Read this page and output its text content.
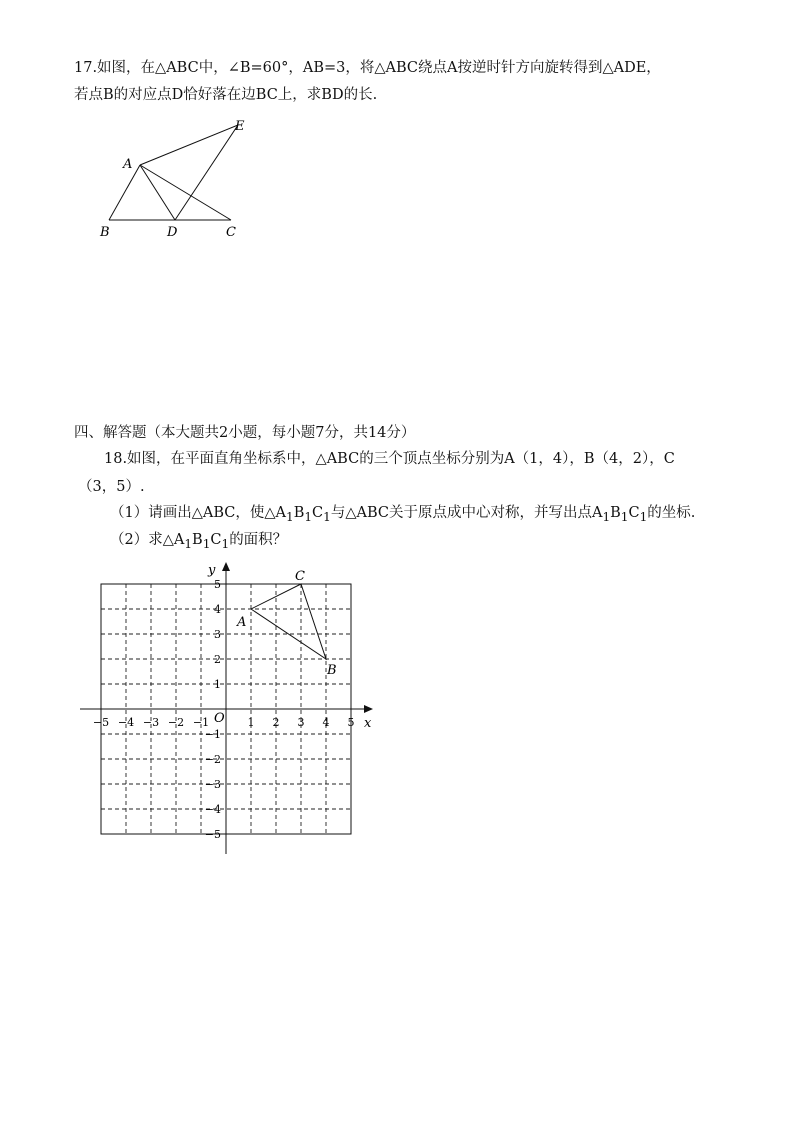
17.如图，在△ABC中，∠B=60°，AB=3，将△ABC绕点A按逆时针方向旋转得到△ADE，
若点B的对应点D恰好落在边BC上，求BD的长.
A
B	D	C
E
四、解答题（本大题共2小题，每小题7分，共14分）
18.如图，在平面直角坐标系中，△ABC的三个顶点坐标分别为A（1，4），B（4，2），C
（3，5）.
（1）请画出△ABC，使$\triangle A_1B_1C_1$与△ABC关于原点成中心对称，并写出点$A_1B_1C_1$的坐标.
（2）求$\triangle A_1B_1C_1$的面积？
x
y
O
−5 −4 −3 −2 −1	1 2 3 4 5
5
4
3
2
1
−1
−2
−3
−4
−5
A
B
C
